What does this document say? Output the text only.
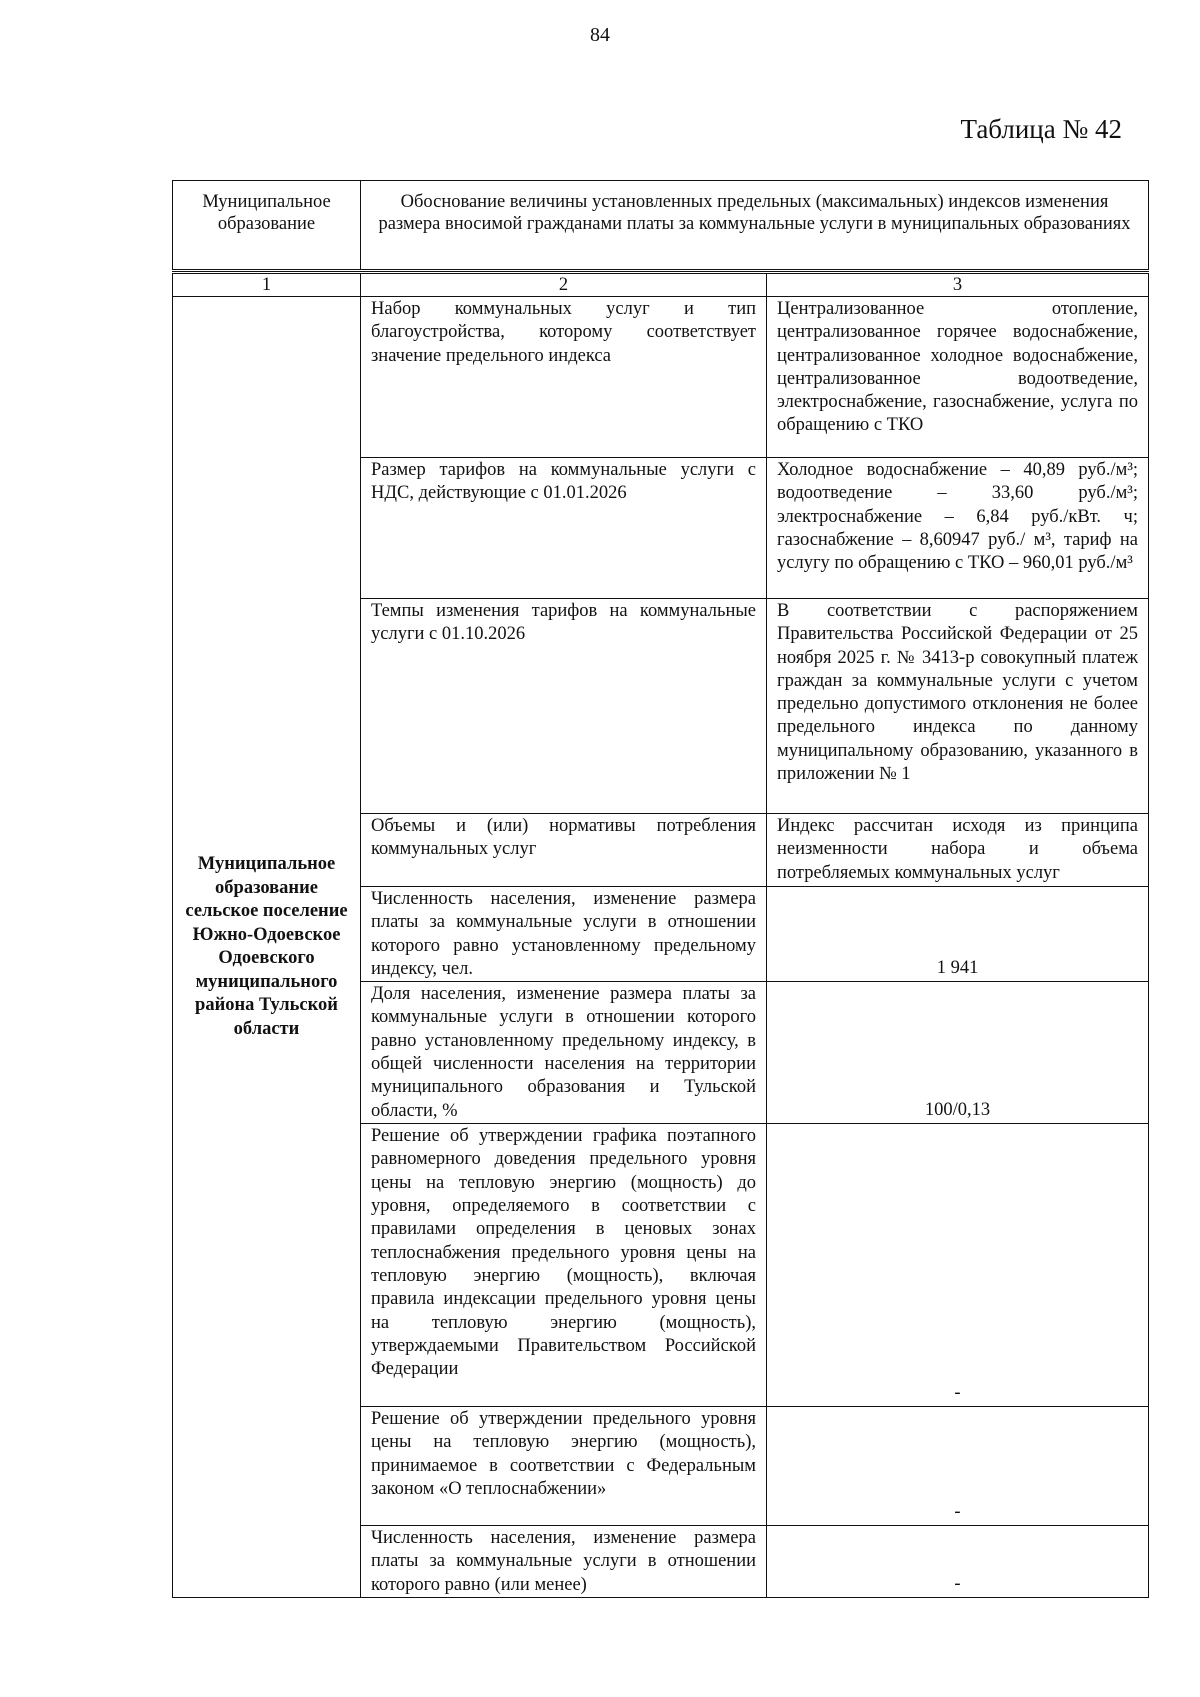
84
Таблица № 42
Муниципальное образование	Обоснование величины установленных предельных (максимальных) индексов изменения размера вносимой гражданами платы за коммунальные услуги в муниципальных образованиях
1	2	3
Муниципальное образование сельское поселение Южно-Одоевское Одоевского муниципального района Тульской области	Набор коммунальных услуг и тип благоустройства, которому соответствует значение предельного индекса	Централизованное отопление, централизованное горячее водоснабжение, централизованное холодное водоснабжение, централизованное водоотведение, электроснабжение, газоснабжение, услуга по обращению с ТКО
	Размер тарифов на коммунальные услуги с НДС, действующие с 01.01.2026	Холодное водоснабжение – 40,89 руб./м³; водоотведение – 33,60 руб./м³; электроснабжение – 6,84 руб./кВт. ч; газоснабжение – 8,60947 руб./ м³, тариф на услугу по обращению с ТКО – 960,01 руб./м³
	Темпы изменения тарифов на коммунальные услуги с 01.10.2026	В соответствии с распоряжением Правительства Российской Федерации от 25 ноября 2025 г. № 3413-р совокупный платеж граждан за коммунальные услуги с учетом предельно допустимого отклонения не более предельного индекса по данному муниципальному образованию, указанного в приложении № 1
	Объемы и (или) нормативы потребления коммунальных услуг	Индекс рассчитан исходя из принципа неизменности набора и объема потребляемых коммунальных услуг
	Численность населения, изменение размера платы за коммунальные услуги в отношении которого равно установленному предельному индексу, чел.	1 941
	Доля населения, изменение размера платы за коммунальные услуги в отношении которого равно установленному предельному индексу, в общей численности населения на территории муниципального образования и Тульской области, %	100/0,13
	Решение об утверждении графика поэтапного равномерного доведения предельного уровня цены на тепловую энергию (мощность) до уровня, определяемого в соответствии с правилами определения в ценовых зонах теплоснабжения предельного уровня цены на тепловую энергию (мощность), включая правила индексации предельного уровня цены на тепловую энергию (мощность), утверждаемыми Правительством Российской Федерации	-
	Решение об утверждении предельного уровня цены на тепловую энергию (мощность), принимаемое в соответствии с Федеральным законом «О теплоснабжении»	-
	Численность населения, изменение размера платы за коммунальные услуги в отношении которого равно (или менее)	-
